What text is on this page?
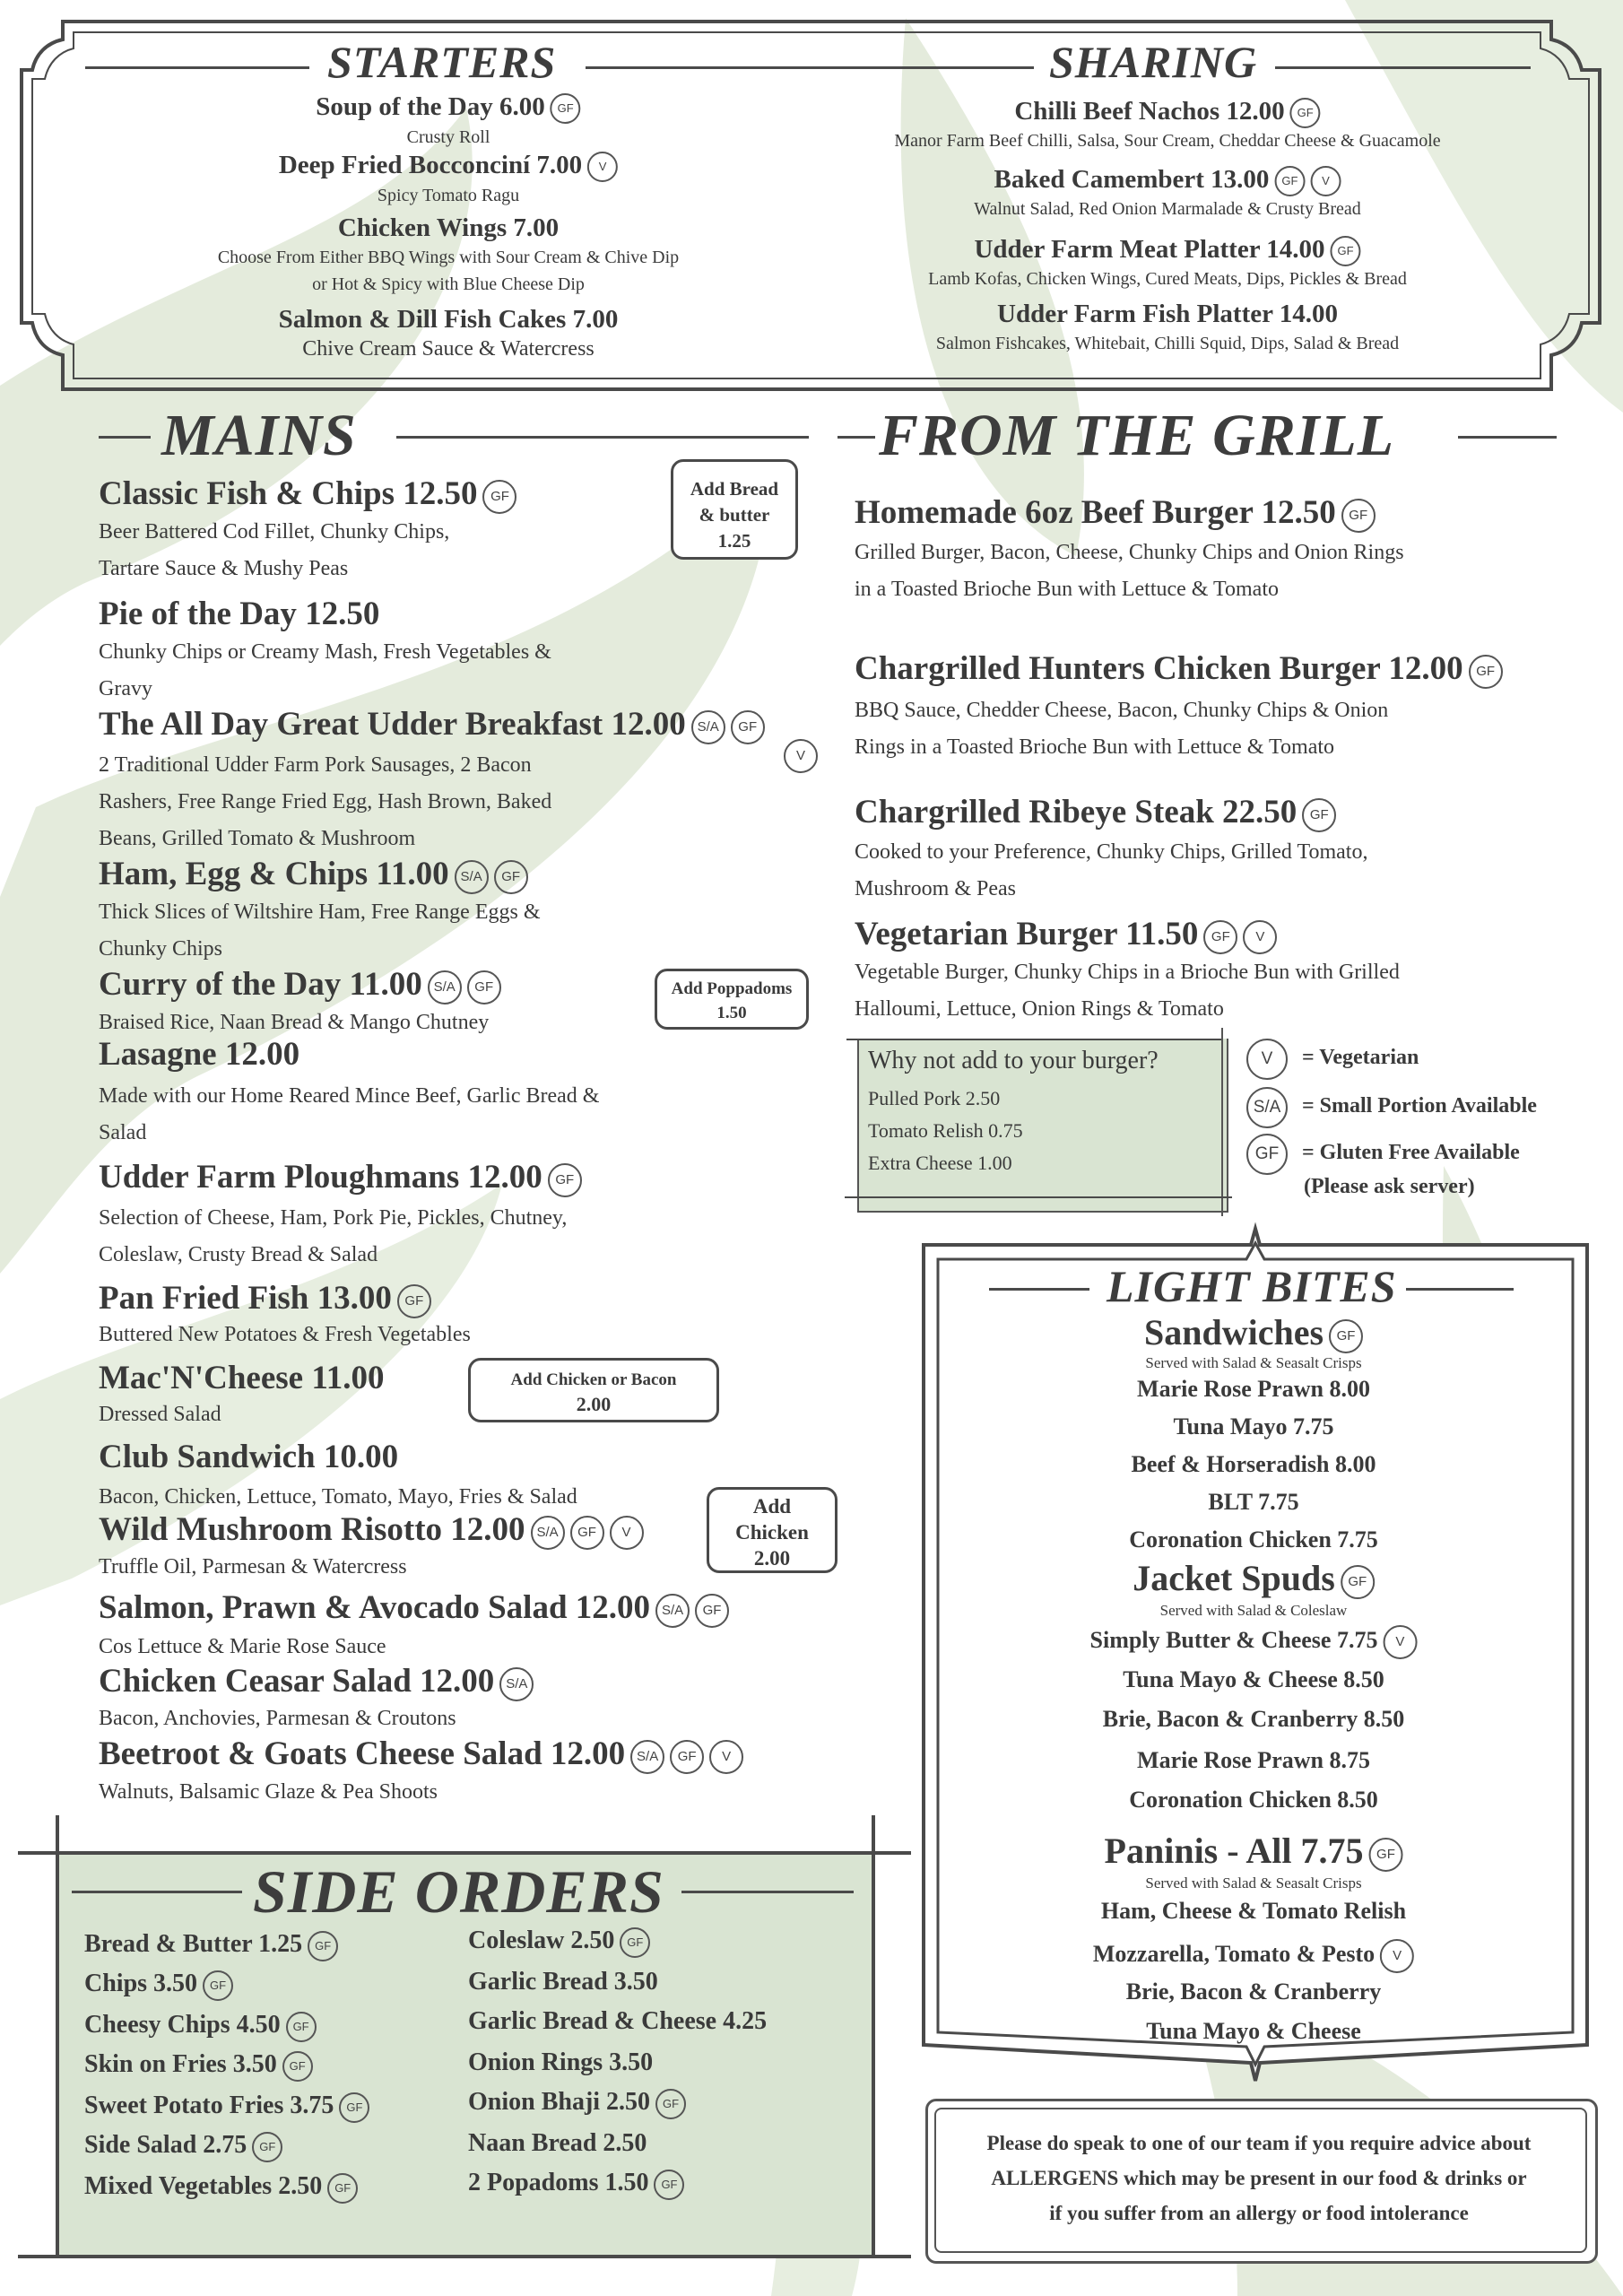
STARTERS
Soup of the Day 6.00 GF
Crusty Roll
Deep Fried Bocconciní 7.00 V
Spicy Tomato Ragu
Chicken Wings 7.00
Choose From Either BBQ Wings with Sour Cream & Chive Dip
or Hot & Spicy with Blue Cheese Dip
Salmon & Dill Fish Cakes 7.00
Chive Cream Sauce & Watercress
SHARING
Chilli Beef Nachos 12.00 GF
Manor Farm Beef Chilli, Salsa, Sour Cream, Cheddar Cheese & Guacamole
Baked Camembert 13.00 GF V
Walnut Salad, Red Onion Marmalade & Crusty Bread
Udder Farm Meat Platter 14.00 GF
Lamb Kofas, Chicken Wings, Cured Meats, Dips, Pickles & Bread
Udder Farm Fish Platter 14.00
Salmon Fishcakes, Whitebait, Chilli Squid, Dips, Salad & Bread
MAINS
Classic Fish & Chips 12.50 GF
Beer Battered Cod Fillet, Chunky Chips,
Tartare Sauce & Mushy Peas
Pie of the Day 12.50
Chunky Chips or Creamy Mash, Fresh Vegetables &
Gravy
The All Day Great Udder Breakfast 12.00 S/A GF
2 Traditional Udder Farm Pork Sausages, 2 Bacon
Rashers, Free Range Fried Egg, Hash Brown, Baked
Beans, Grilled Tomato & Mushroom
Ham, Egg & Chips 11.00 S/A GF
Thick Slices of Wiltshire Ham, Free Range Eggs &
Chunky Chips
Curry of the Day 11.00 S/A GF
Braised Rice, Naan Bread & Mango Chutney
Lasagne 12.00
Made with our Home Reared Mince Beef, Garlic Bread &
Salad
Udder Farm Ploughmans 12.00 GF
Selection of Cheese, Ham, Pork Pie, Pickles, Chutney,
Coleslaw, Crusty Bread & Salad
Pan Fried Fish 13.00 GF
Buttered New Potatoes & Fresh Vegetables
Mac'N'Cheese 11.00
Dressed Salad
Club Sandwich 10.00
Bacon, Chicken, Lettuce, Tomato, Mayo, Fries & Salad
Wild Mushroom Risotto 12.00 S/A GF V
Truffle Oil, Parmesan & Watercress
Salmon, Prawn & Avocado Salad 12.00 S/A GF
Cos Lettuce & Marie Rose Sauce
Chicken Ceasar Salad 12.00 S/A
Bacon, Anchovies, Parmesan & Croutons
Beetroot & Goats Cheese Salad 12.00 S/A GF V
Walnuts, Balsamic Glaze & Pea Shoots
Add Bread
& butter
1.25
Add Poppadoms
1.50
Add Chicken or Bacon
2.00
Add
Chicken
2.00
FROM THE GRILL
Homemade 6oz Beef Burger 12.50 GF
Grilled Burger, Bacon, Cheese, Chunky Chips and Onion Rings
in a Toasted Brioche Bun with Lettuce & Tomato
Chargrilled Hunters Chicken Burger 12.00 GF
BBQ Sauce, Chedder Cheese, Bacon, Chunky Chips & Onion
Rings in a Toasted Brioche Bun with Lettuce & Tomato
Chargrilled Ribeye Steak 22.50 GF
Cooked to your Preference, Chunky Chips, Grilled Tomato,
Mushroom & Peas
Vegetarian Burger 11.50 GF V
Vegetable Burger, Chunky Chips in a Brioche Bun with Grilled
Halloumi, Lettuce, Onion Rings & Tomato
Why not add to your burger?
Pulled Pork 2.50
Tomato Relish 0.75
Extra Cheese 1.00
V	= Vegetarian
S/A = Small Portion Available
GF	= Gluten Free Available
(Please ask server)
LIGHT BITES
Sandwiches GF
Served with Salad & Seasalt Crisps
Marie Rose Prawn 8.00
Tuna Mayo 7.75
Beef & Horseradish 8.00
BLT 7.75
Coronation Chicken 7.75
Jacket Spuds GF
Served with Salad & Coleslaw
Simply Butter & Cheese 7.75 V
Tuna Mayo & Cheese 8.50
Brie, Bacon & Cranberry 8.50
Marie Rose Prawn 8.75
Coronation Chicken 8.50
Paninis - All 7.75 GF
Served with Salad & Seasalt Crisps
Ham, Cheese & Tomato Relish
Mozzarella, Tomato & Pesto V
Brie, Bacon & Cranberry
Tuna Mayo & Cheese
SIDE ORDERS
Bread & Butter 1.25 GF
Chips 3.50 GF
Cheesy Chips 4.50 GF
Skin on Fries 3.50 GF
Sweet Potato Fries 3.75 GF
Side Salad 2.75 GF
Mixed Vegetables 2.50 GF
Coleslaw 2.50 GF
Garlic Bread 3.50
Garlic Bread & Cheese 4.25
Onion Rings 3.50
Onion Bhaji 2.50 GF
Naan Bread 2.50
2 Popadoms 1.50 GF
Please do speak to one of our team if you require advice about
ALLERGENS which may be present in our food & drinks or
if you suffer from an allergy or food intolerance
V
